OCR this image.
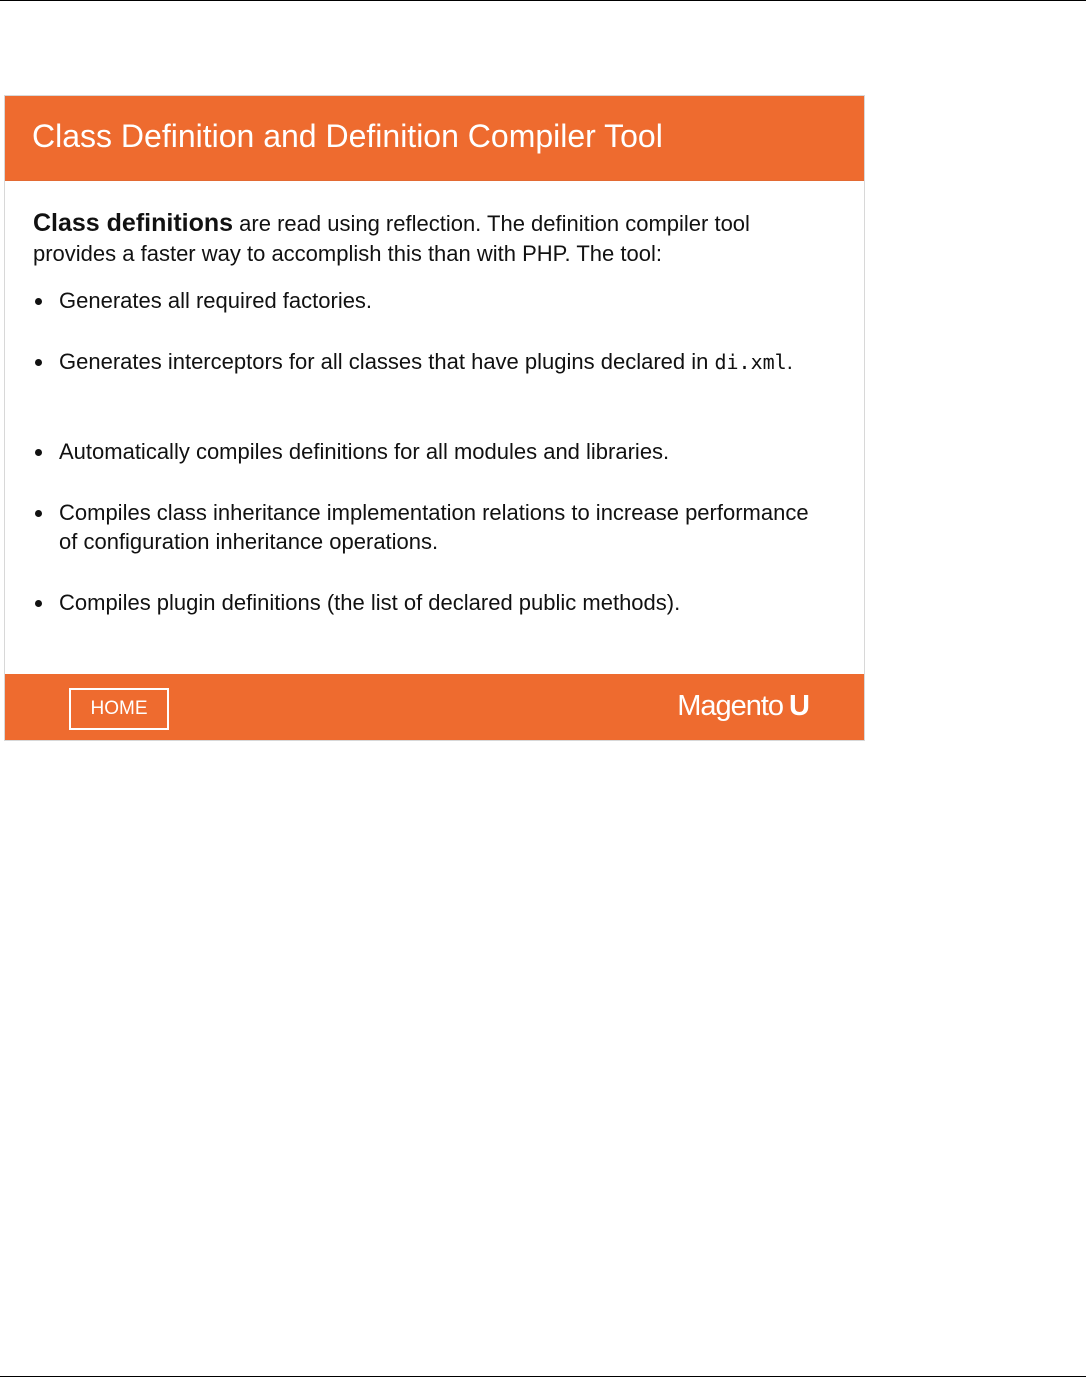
Class Definition and Definition Compiler Tool

Class definitions are read using reflection. The definition compiler tool provides a faster way to accomplish this than with PHP. The tool:

Generates all required factories.
Generates interceptors for all classes that have plugins declared in di.xml.
Automatically compiles definitions for all modules and libraries.
Compiles class inheritance implementation relations to increase performance of configuration inheritance operations.
Compiles plugin definitions (the list of declared public methods).
HOME	Magento U
